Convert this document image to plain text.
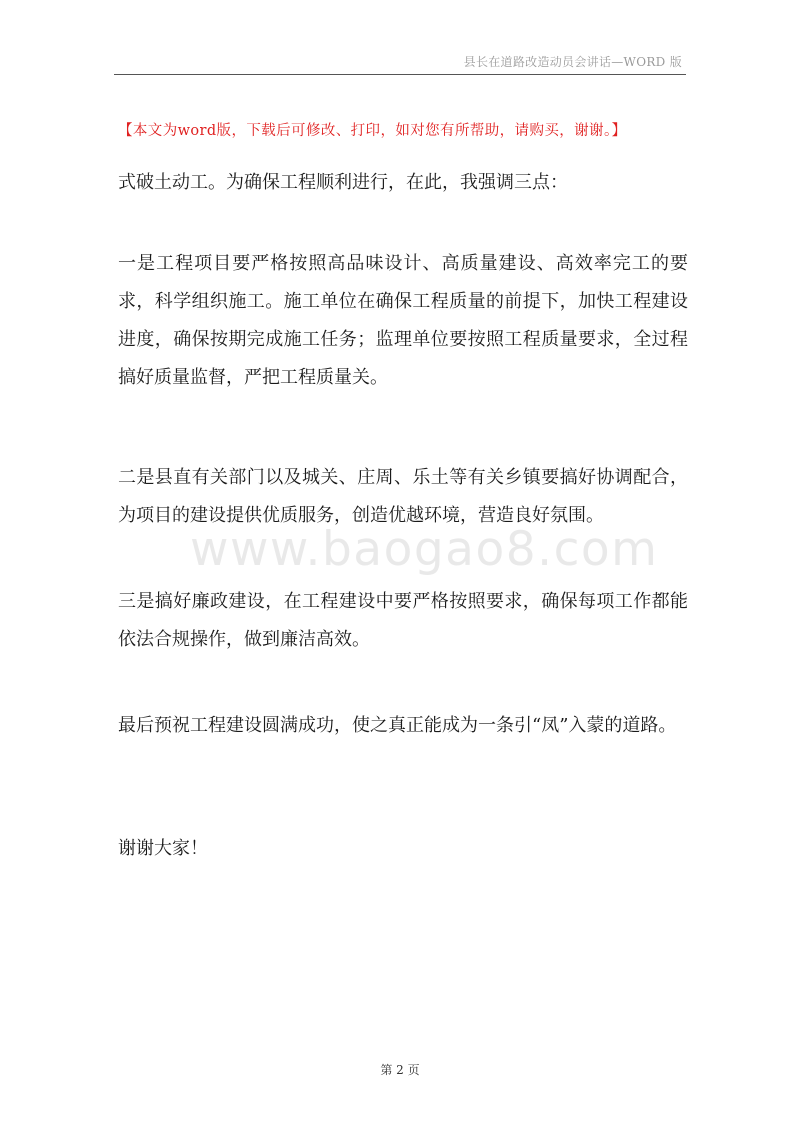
县长在道路改造动员会讲话—WORD 版
【本文为word版，下载后可修改、打印，如对您有所帮助，请购买，谢谢。】

式破土动工。为确保工程顺利进行，在此，我强调三点：

一是工程项目要严格按照高品味设计、高质量建设、高效率完工的要求，科学组织施工。施工单位在确保工程质量的前提下，加快工程建设进度，确保按期完成施工任务；监理单位要按照工程质量要求，全过程搞好质量监督，严把工程质量关。

二是县直有关部门以及城关、庄周、乐土等有关乡镇要搞好协调配合，为项目的建设提供优质服务，创造优越环境，营造良好氛围。

三是搞好廉政建设，在工程建设中要严格按照要求，确保每项工作都能依法合规操作，做到廉洁高效。

最后预祝工程建设圆满成功，使之真正能成为一条引“凤”入蒙的道路。

谢谢大家！

www.baogao8.com
第 2 页
